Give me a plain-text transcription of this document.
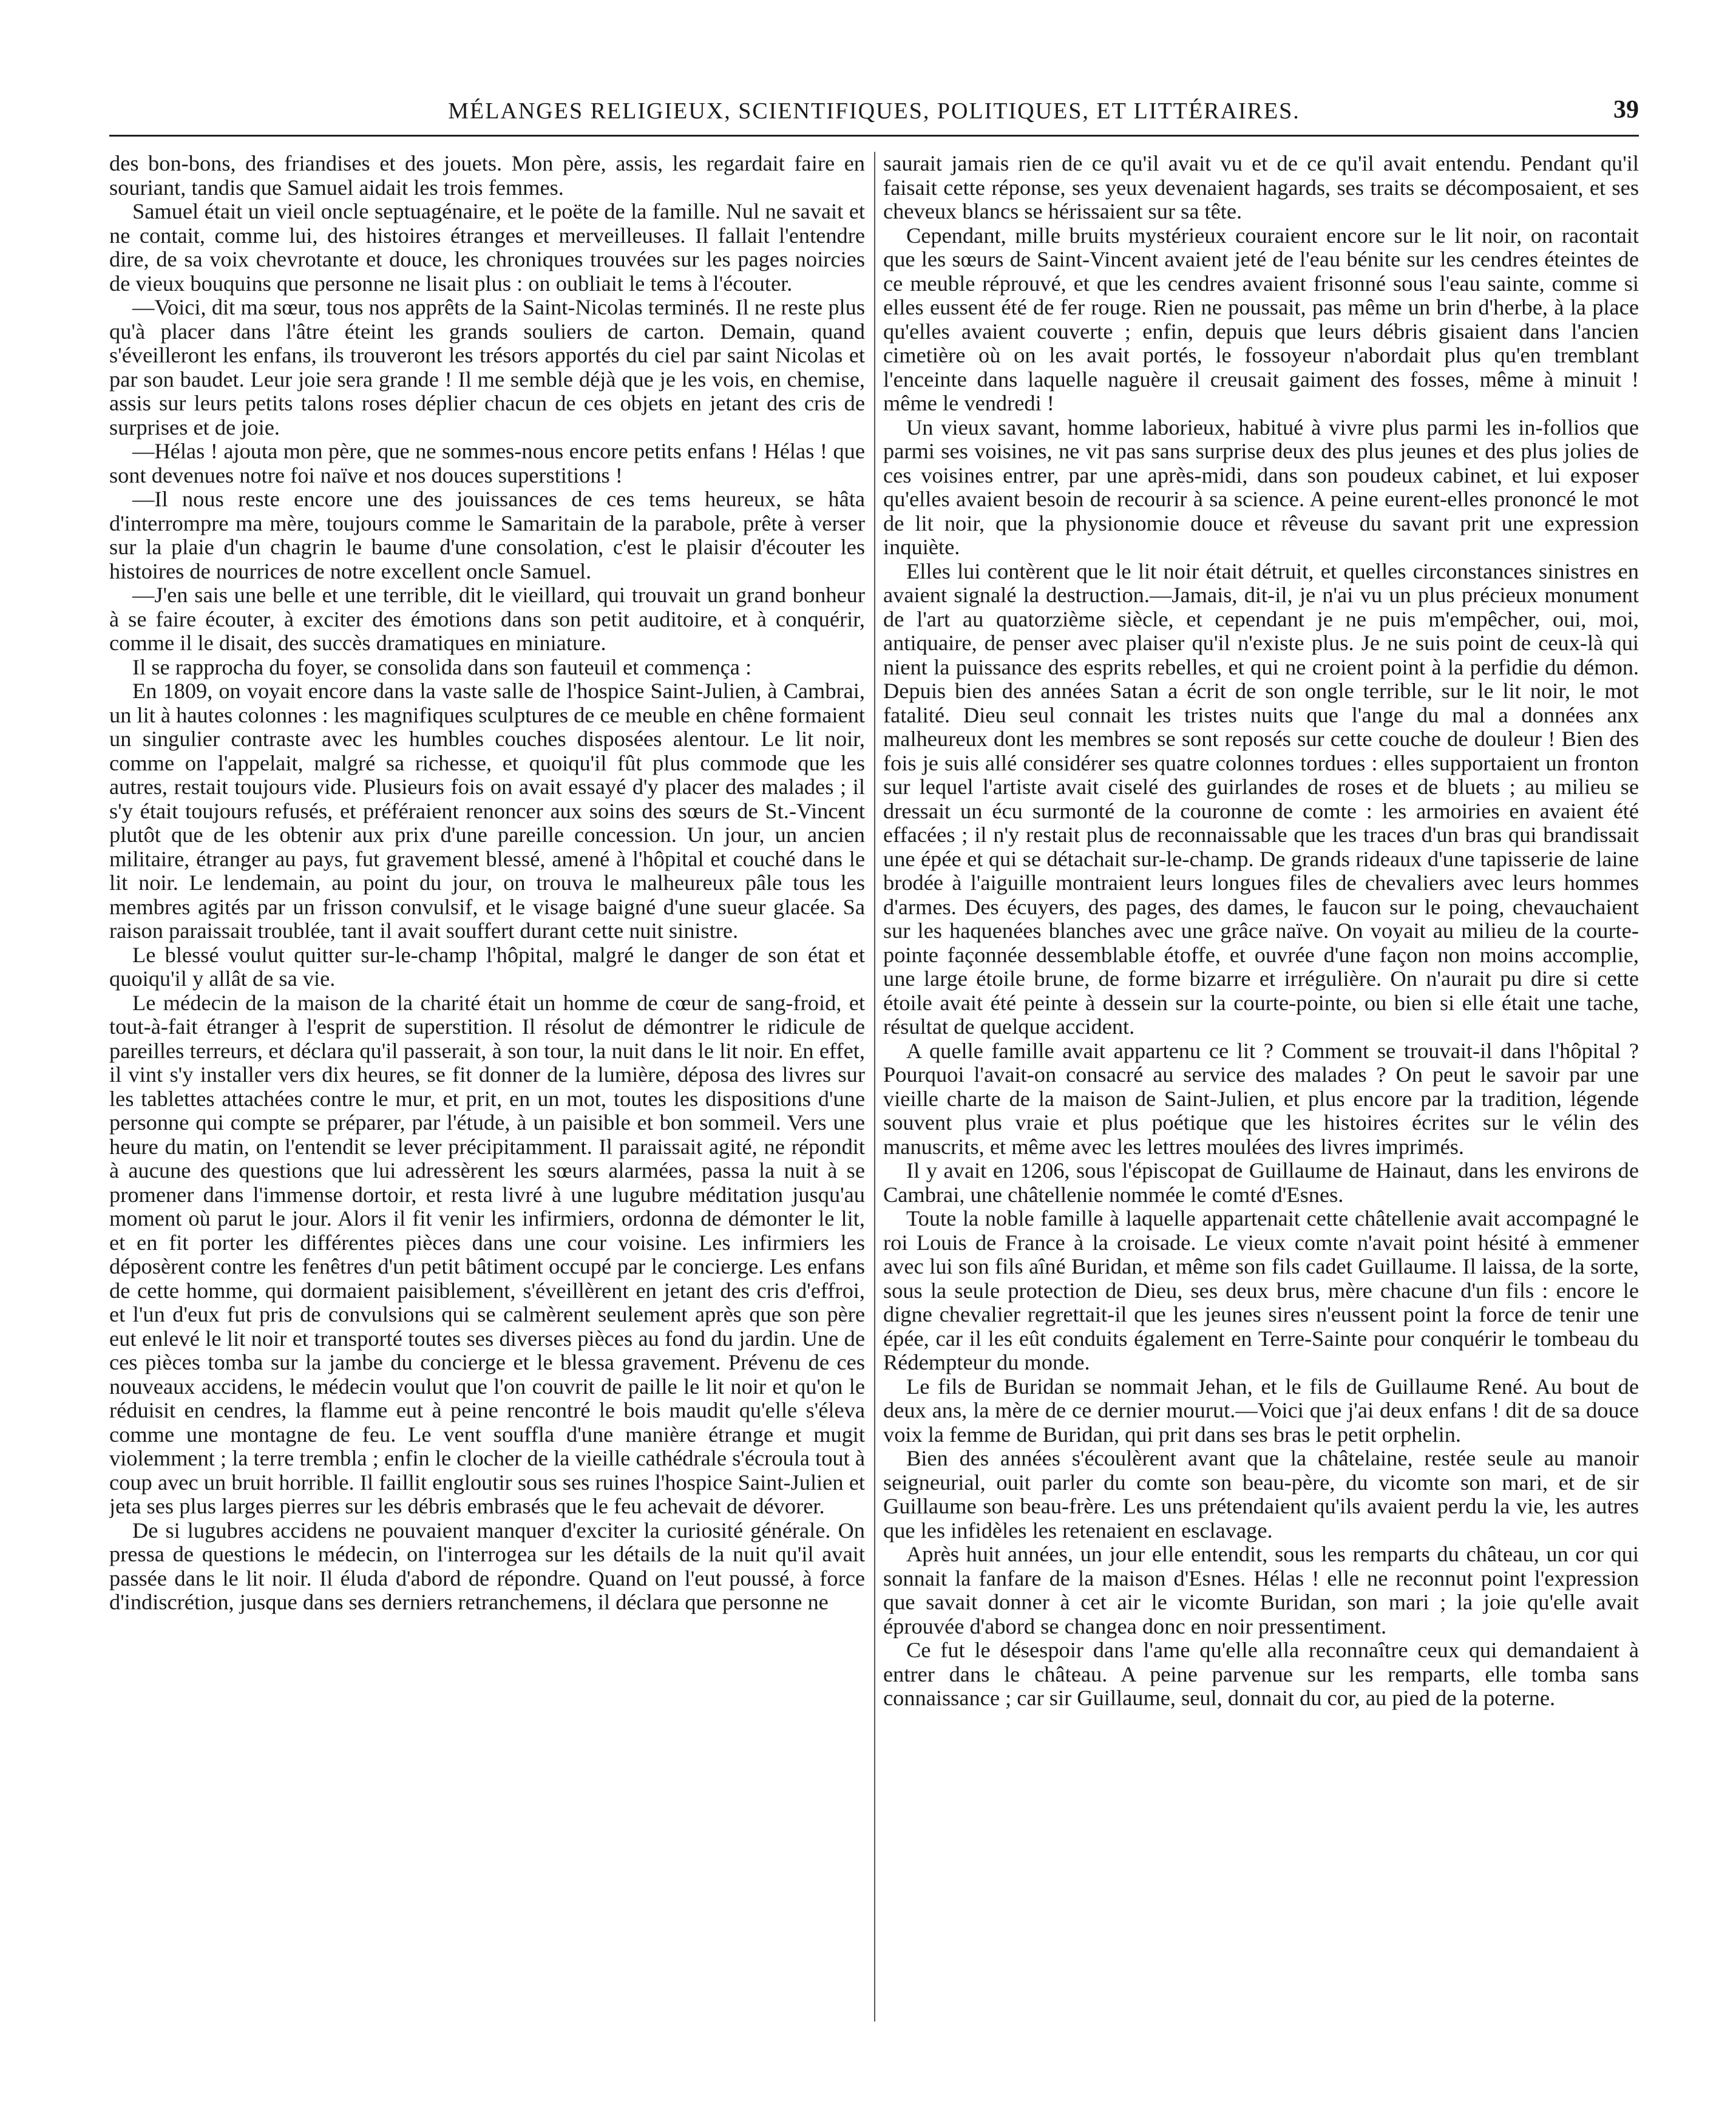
MÉLANGES RELIGIEUX, SCIENTIFIQUES, POLITIQUES, ET LITTÉRAIRES.	39

des bon-bons, des friandises et des jouets. Mon père, assis, les regardait faire en souriant, tandis que Samuel aidait les trois femmes.

Samuel était un vieil oncle septuagénaire, et le poëte de la famille. Nul ne savait et ne contait, comme lui, des histoires étranges et merveilleuses. Il fallait l'entendre dire, de sa voix chevrotante et douce, les chroniques trouvées sur les pages noircies de vieux bouquins que personne ne lisait plus : on oubliait le tems à l'écouter.

—Voici, dit ma sœur, tous nos apprêts de la Saint-Nicolas terminés. Il ne reste plus qu'à placer dans l'âtre éteint les grands souliers de carton. Demain, quand s'éveilleront les enfans, ils trouveront les trésors apportés du ciel par saint Nicolas et par son baudet. Leur joie sera grande ! Il me semble déjà que je les vois, en chemise, assis sur leurs petits talons roses déplier chacun de ces objets en jetant des cris de surprises et de joie.

—Hélas ! ajouta mon père, que ne sommes-nous encore petits enfans ! Hélas ! que sont devenues notre foi naïve et nos douces superstitions !

—Il nous reste encore une des jouissances de ces tems heureux, se hâta d'interrompre ma mère, toujours comme le Samaritain de la parabole, prête à verser sur la plaie d'un chagrin le baume d'une consolation, c'est le plaisir d'écouter les histoires de nourrices de notre excellent oncle Samuel.

—J'en sais une belle et une terrible, dit le vieillard, qui trouvait un grand bonheur à se faire écouter, à exciter des émotions dans son petit auditoire, et à conquérir, comme il le disait, des succès dramatiques en miniature.

Il se rapprocha du foyer, se consolida dans son fauteuil et commença :

En 1809, on voyait encore dans la vaste salle de l'hospice Saint-Julien, à Cambrai, un lit à hautes colonnes : les magnifiques sculptures de ce meuble en chêne formaient un singulier contraste avec les humbles couches disposées alentour. Le lit noir, comme on l'appelait, malgré sa richesse, et quoiqu'il fût plus commode que les autres, restait toujours vide. Plusieurs fois on avait essayé d'y placer des malades ; il s'y était toujours refusés, et préféraient renoncer aux soins des sœurs de St.-Vincent plutôt que de les obtenir aux prix d'une pareille concession. Un jour, un ancien militaire, étranger au pays, fut gravement blessé, amené à l'hôpital et couché dans le lit noir. Le lendemain, au point du jour, on trouva le malheureux pâle tous les membres agités par un frisson convulsif, et le visage baigné d'une sueur glacée. Sa raison paraissait troublée, tant il avait souffert durant cette nuit sinistre.

Le blessé voulut quitter sur-le-champ l'hôpital, malgré le danger de son état et quoiqu'il y allât de sa vie.

Le médecin de la maison de la charité était un homme de cœur de sang-froid, et tout-à-fait étranger à l'esprit de superstition. Il résolut de démontrer le ridicule de pareilles terreurs, et déclara qu'il passerait, à son tour, la nuit dans le lit noir. En effet, il vint s'y installer vers dix heures, se fit donner de la lumière, déposa des livres sur les tablettes attachées contre le mur, et prit, en un mot, toutes les dispositions d'une personne qui compte se préparer, par l'étude, à un paisible et bon sommeil. Vers une heure du matin, on l'entendit se lever précipitamment. Il paraissait agité, ne répondit à aucune des questions que lui adressèrent les sœurs alarmées, passa la nuit à se promener dans l'immense dortoir, et resta livré à une lugubre méditation jusqu'au moment où parut le jour. Alors il fit venir les infirmiers, ordonna de démonter le lit, et en fit porter les différentes pièces dans une cour voisine. Les infirmiers les déposèrent contre les fenêtres d'un petit bâtiment occupé par le concierge. Les enfans de cette homme, qui dormaient paisiblement, s'éveillèrent en jetant des cris d'effroi, et l'un d'eux fut pris de convulsions qui se calmèrent seulement après que son père eut enlevé le lit noir et transporté toutes ses diverses pièces au fond du jardin. Une de ces pièces tomba sur la jambe du concierge et le blessa gravement. Prévenu de ces nouveaux accidens, le médecin voulut que l'on couvrit de paille le lit noir et qu'on le réduisit en cendres, la flamme eut à peine rencontré le bois maudit qu'elle s'éleva comme une montagne de feu. Le vent souffla d'une manière étrange et mugit violemment ; la terre trembla ; enfin le clocher de la vieille cathédrale s'écroula tout à coup avec un bruit horrible. Il faillit engloutir sous ses ruines l'hospice Saint-Julien et jeta ses plus larges pierres sur les débris embrasés que le feu achevait de dévorer.

De si lugubres accidens ne pouvaient manquer d'exciter la curiosité générale. On pressa de questions le médecin, on l'interrogea sur les détails de la nuit qu'il avait passée dans le lit noir. Il éluda d'abord de répondre. Quand on l'eut poussé, à force d'indiscrétion, jusque dans ses derniers retranchemens, il déclara que personne ne

saurait jamais rien de ce qu'il avait vu et de ce qu'il avait entendu. Pendant qu'il faisait cette réponse, ses yeux devenaient hagards, ses traits se décomposaient, et ses cheveux blancs se hérissaient sur sa tête.

Cependant, mille bruits mystérieux couraient encore sur le lit noir, on racontait que les sœurs de Saint-Vincent avaient jeté de l'eau bénite sur les cendres éteintes de ce meuble réprouvé, et que les cendres avaient frisonné sous l'eau sainte, comme si elles eussent été de fer rouge. Rien ne poussait, pas même un brin d'herbe, à la place qu'elles avaient couverte ; enfin, depuis que leurs débris gisaient dans l'ancien cimetière où on les avait portés, le fossoyeur n'abordait plus qu'en tremblant l'enceinte dans laquelle naguère il creusait gaiment des fosses, même à minuit ! même le vendredi !

Un vieux savant, homme laborieux, habitué à vivre plus parmi les in-follios que parmi ses voisines, ne vit pas sans surprise deux des plus jeunes et des plus jolies de ces voisines entrer, par une après-midi, dans son poudeux cabinet, et lui exposer qu'elles avaient besoin de recourir à sa science. A peine eurent-elles prononcé le mot de lit noir, que la physionomie douce et rêveuse du savant prit une expression inquiète.

Elles lui contèrent que le lit noir était détruit, et quelles circonstances sinistres en avaient signalé la destruction.—Jamais, dit-il, je n'ai vu un plus précieux monument de l'art au quatorzième siècle, et cependant je ne puis m'empêcher, oui, moi, antiquaire, de penser avec plaiser qu'il n'existe plus. Je ne suis point de ceux-là qui nient la puissance des esprits rebelles, et qui ne croient point à la perfidie du démon. Depuis bien des années Satan a écrit de son ongle terrible, sur le lit noir, le mot fatalité. Dieu seul connait les tristes nuits que l'ange du mal a données anx malheureux dont les membres se sont reposés sur cette couche de douleur ! Bien des fois je suis allé considérer ses quatre colonnes tordues : elles supportaient un fronton sur lequel l'artiste avait ciselé des guirlandes de roses et de bluets ; au milieu se dressait un écu surmonté de la couronne de comte : les armoiries en avaient été effacées ; il n'y restait plus de reconnaissable que les traces d'un bras qui brandissait une épée et qui se détachait sur-le-champ. De grands rideaux d'une tapisserie de laine brodée à l'aiguille montraient leurs longues files de chevaliers avec leurs hommes d'armes. Des écuyers, des pages, des dames, le faucon sur le poing, chevauchaient sur les haquenées blanches avec une grâce naïve. On voyait au milieu de la courte-pointe façonnée dessemblable étoffe, et ouvrée d'une façon non moins accomplie, une large étoile brune, de forme bizarre et irrégulière. On n'aurait pu dire si cette étoile avait été peinte à dessein sur la courte-pointe, ou bien si elle était une tache, résultat de quelque accident.

A quelle famille avait appartenu ce lit ? Comment se trouvait-il dans l'hôpital ? Pourquoi l'avait-on consacré au service des malades ? On peut le savoir par une vieille charte de la maison de Saint-Julien, et plus encore par la tradition, légende souvent plus vraie et plus poétique que les histoires écrites sur le vélin des manuscrits, et même avec les lettres moulées des livres imprimés.

Il y avait en 1206, sous l'épiscopat de Guillaume de Hainaut, dans les environs de Cambrai, une châtellenie nommée le comté d'Esnes.

Toute la noble famille à laquelle appartenait cette châtellenie avait accompagné le roi Louis de France à la croisade. Le vieux comte n'avait point hésité à emmener avec lui son fils aîné Buridan, et même son fils cadet Guillaume. Il laissa, de la sorte, sous la seule protection de Dieu, ses deux brus, mère chacune d'un fils : encore le digne chevalier regrettait-il que les jeunes sires n'eussent point la force de tenir une épée, car il les eût conduits également en Terre-Sainte pour conquérir le tombeau du Rédempteur du monde.

Le fils de Buridan se nommait Jehan, et le fils de Guillaume René. Au bout de deux ans, la mère de ce dernier mourut.—Voici que j'ai deux enfans ! dit de sa douce voix la femme de Buridan, qui prit dans ses bras le petit orphelin.

Bien des années s'écoulèrent avant que la châtelaine, restée seule au manoir seigneurial, ouit parler du comte son beau-père, du vicomte son mari, et de sir Guillaume son beau-frère. Les uns prétendaient qu'ils avaient perdu la vie, les autres que les infidèles les retenaient en esclavage.

Après huit années, un jour elle entendit, sous les remparts du château, un cor qui sonnait la fanfare de la maison d'Esnes. Hélas ! elle ne reconnut point l'expression que savait donner à cet air le vicomte Buridan, son mari ; la joie qu'elle avait éprouvée d'abord se changea donc en noir pressentiment.

Ce fut le désespoir dans l'ame qu'elle alla reconnaître ceux qui demandaient à entrer dans le château. A peine parvenue sur les remparts, elle tomba sans connaissance ; car sir Guillaume, seul, donnait du cor, au pied de la poterne.
